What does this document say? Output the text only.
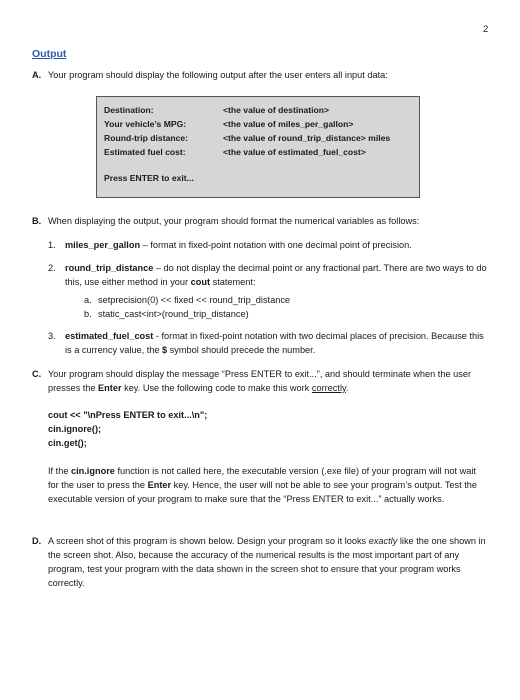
2
Output
A. Your program should display the following output after the user enters all input data:
Destination:	<the value of destination>
Your vehicle’s MPG:	<the value of miles_per_gallon>
Round-trip distance:	<the value of round_trip_distance> miles
Estimated fuel cost:	<the value of estimated_fuel_cost>
Press ENTER to exit...
B. When displaying the output, your program should format the numerical variables as follows:
1. miles_per_gallon – format in fixed-point notation with one decimal point of precision.
2. round_trip_distance – do not display the decimal point or any fractional part. There are two ways to do this, use either method in your cout statement:
a. setprecision(0) << fixed << round_trip_distance
b. static_cast<int>(round_trip_distance)
3. estimated_fuel_cost - format in fixed-point notation with two decimal places of precision. Because this is a currency value, the $ symbol should precede the number.
C. Your program should display the message “Press ENTER to exit...”, and should terminate when the user presses the Enter key. Use the following code to make this work correctly.
cout << "\nPress ENTER to exit...\n";
cin.ignore();
cin.get();
If the cin.ignore function is not called here, the executable version (.exe file) of your program will not wait for the user to press the Enter key. Hence, the user will not be able to see your program’s output. Test the executable version of your program to make sure that the “Press ENTER to exit...” actually works.
D. A screen shot of this program is shown below. Design your program so it looks exactly like the one shown in the screen shot. Also, because the accuracy of the numerical results is the most important part of any program, test your program with the data shown in the screen shot to ensure that your program works correctly.
